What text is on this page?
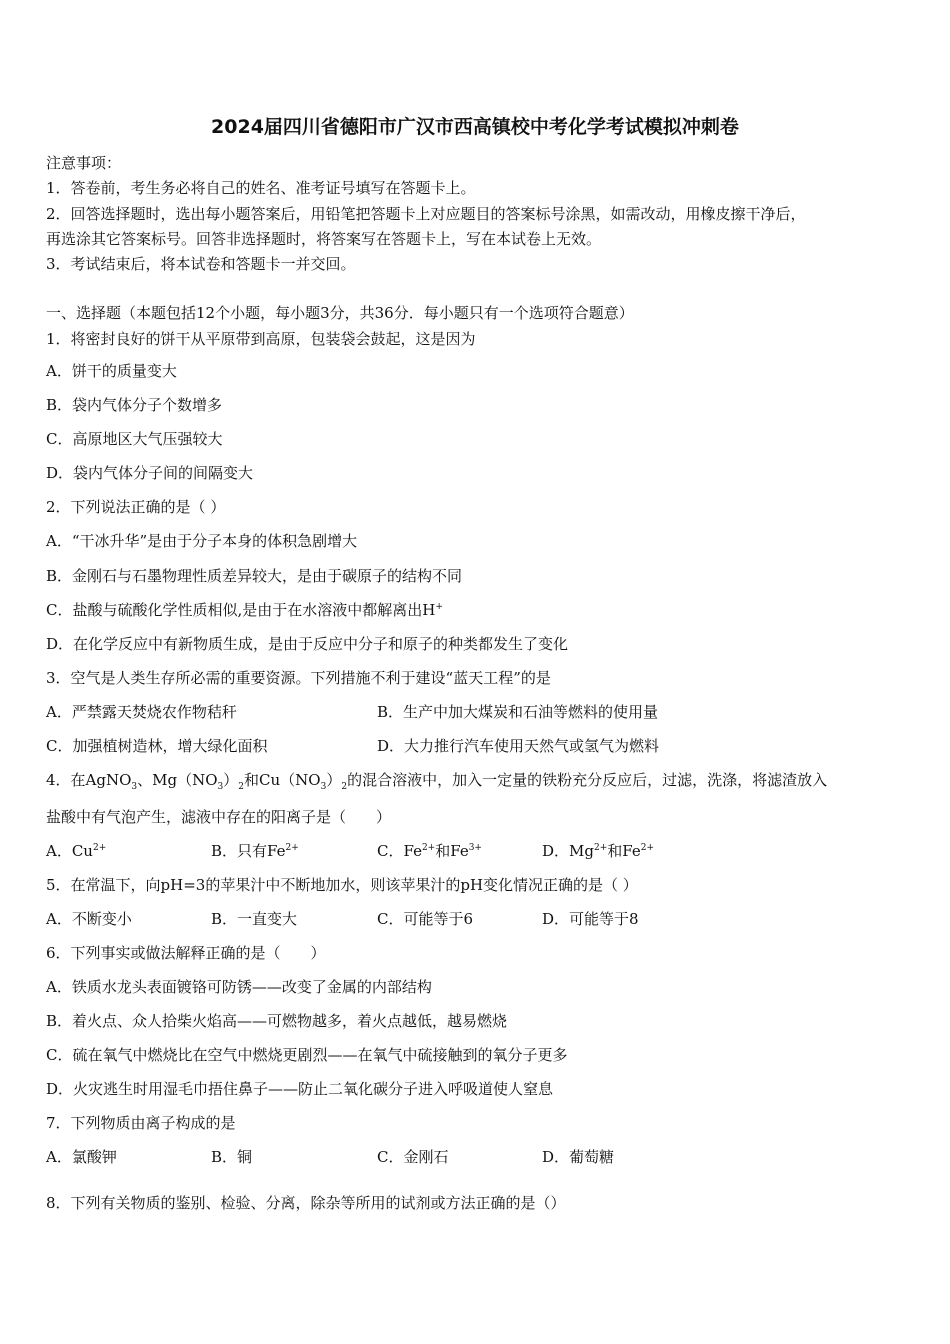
2024届四川省德阳市广汉市西高镇校中考化学考试模拟冲刺卷
注意事项：
1．答卷前，考生务必将自己的姓名、准考证号填写在答题卡上。
2．回答选择题时，选出每小题答案后，用铅笔把答题卡上对应题目的答案标号涂黑，如需改动，用橡皮擦干净后，
再选涂其它答案标号。回答非选择题时，将答案写在答题卡上，写在本试卷上无效。
3．考试结束后，将本试卷和答题卡一并交回。
一、选择题（本题包括12个小题，每小题3分，共36分．每小题只有一个选项符合题意）
1．将密封良好的饼干从平原带到高原，包装袋会鼓起，这是因为
A．饼干的质量变大
B．袋内气体分子个数增多
C．高原地区大气压强较大
D．袋内气体分子间的间隔变大
2．下列说法正确的是（ ）
A．“干冰升华”是由于分子本身的体积急剧增大
B．金刚石与石墨物理性质差异较大，是由于碳原子的结构不同
C．盐酸与硫酸化学性质相似,是由于在水溶液中都解离出H+
D．在化学反应中有新物质生成，是由于反应中分子和原子的种类都发生了变化
3．空气是人类生存所必需的重要资源。下列措施不利于建设“蓝天工程”的是
A．严禁露天焚烧农作物秸秆	B．生产中加大煤炭和石油等燃料的使用量
C．加强植树造林，增大绿化面积	D．大力推行汽车使用天然气或氢气为燃料
4．在AgNO$_3$、$Mg(NO_3)_2$和$Cu(NO_3)_2$的混合溶液中，加入一定量的铁粉充分反应后，过滤，洗涤，将滤渣放入
盐酸中有气泡产生，滤液中存在的阳离子是（　　）
A．$Cu^{2+}$	B．只有$Fe^{2+}$	C．$Fe^{2+}$和$Fe^{3+}$	D．$Mg^{2+}$和$Fe^{2+}$
5．在常温下，向pH=3的苹果汁中不断地加水，则该苹果汁的pH变化情况正确的是（ ）
A．不断变小	B．一直变大	C．可能等于6	D．可能等于8
6．下列事实或做法解释正确的是（　　）
A．铁质水龙头表面镀铬可防锈——改变了金属的内部结构
B．着火点、众人拾柴火焰高——可燃物越多，着火点越低，越易燃烧
C．硫在氧气中燃烧比在空气中燃烧更剧烈——在氧气中硫接触到的氧分子更多
D．火灾逃生时用湿毛巾捂住鼻子——防止二氧化碳分子进入呼吸道使人窒息
7．下列物质由离子构成的是
A．氯酸钾	B．铜	C．金刚石	D．葡萄糖
8．下列有关物质的鉴别、检验、分离，除杂等所用的试剂或方法正确的是（）
